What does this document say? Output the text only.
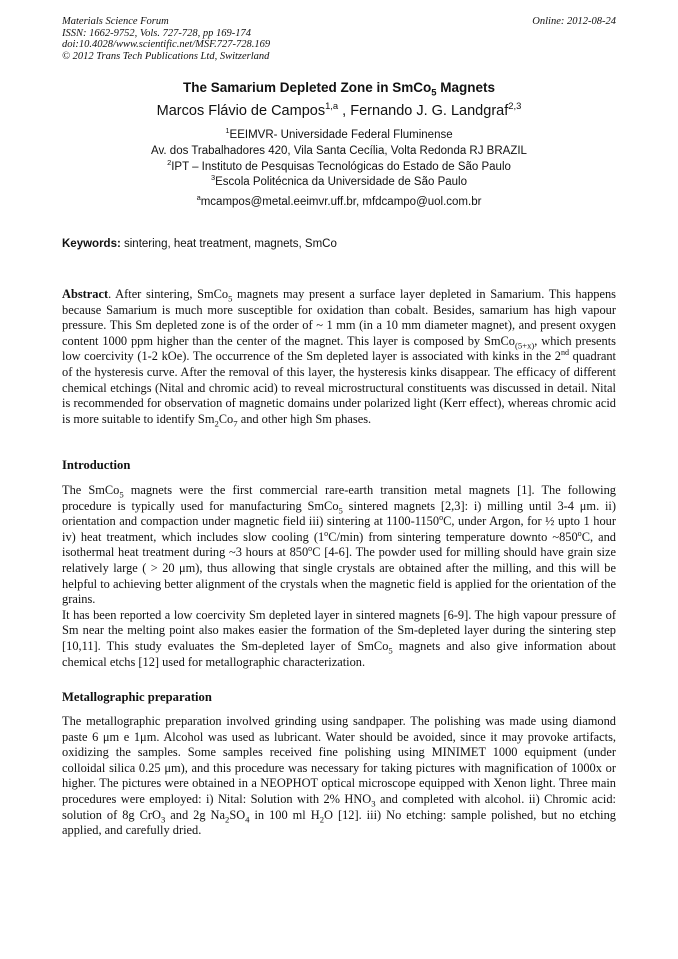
Materials Science Forum	Online: 2012-08-24
ISSN: 1662-9752, Vols. 727-728, pp 169-174
doi:10.4028/www.scientific.net/MSF.727-728.169
© 2012 Trans Tech Publications Ltd, Switzerland
The Samarium Depleted Zone in SmCo$_5$ Magnets
Marcos Flávio de Campos$^{1,a}$ , Fernando J. G. Landgraf$^{2,3}$
$^1$EEIMVR- Universidade Federal Fluminense
Av. dos Trabalhadores 420, Vila Santa Cecília, Volta Redonda RJ BRAZIL
$^2$IPT – Instituto de Pesquisas Tecnológicas do Estado de São Paulo
$^3$Escola Politécnica da Universidade de São Paulo
$^a$mcampos@metal.eeimvr.uff.br, mfdcampo@uol.com.br
Keywords: sintering, heat treatment, magnets, SmCo

Abstract. After sintering, SmCo$_5$ magnets may present a surface layer depleted in Samarium. This happens because Samarium is much more susceptible for oxidation than cobalt. Besides, samarium has high vapour pressure. This Sm depleted zone is of the order of ~ 1 mm (in a 10 mm diameter magnet), and present oxygen content 1000 ppm higher than the center of the magnet. This layer is composed by SmCo$_{(5+x)}$, which presents low coercivity (1-2 kOe). The occurrence of the Sm depleted layer is associated with kinks in the 2nd quadrant of the hysteresis curve. After the removal of this layer, the hysteresis kinks disappear. The efficacy of different chemical etchings (Nital and chromic acid) to reveal microstructural constituents was discussed in detail. Nital is recommended for observation of magnetic domains under polarized light (Kerr effect), whereas chromic acid is more suitable to identify $Sm_2Co_7$ and other high Sm phases.

Introduction

The SmCo$_5$ magnets were the first commercial rare-earth transition metal magnets [1]. The following procedure is typically used for manufacturing SmCo$_5$ sintered magnets [2,3]: i) milling until 3-4 μm. ii) orientation and compaction under magnetic field iii) sintering at 1100-1150$^o$C, under Argon, for ½ upto 1 hour iv) heat treatment, which includes slow cooling (1$^o$C/min) from sintering temperature downto ~850$^o$C, and isothermal heat treatment during ~3 hours at 850$^o$C [4-6]. The powder used for milling should have grain size relatively large ( > 20 μm), thus allowing that single crystals are obtained after the milling, and this will be helpful to achieving better alignment of the crystals when the magnetic field is applied for the orientation of the grains.

It has been reported a low coercivity Sm depleted layer in sintered magnets [6-9]. The high vapour pressure of Sm near the melting point also makes easier the formation of the Sm-depleted layer during the sintering step [10,11]. This study evaluates the Sm-depleted layer of SmCo$_5$ magnets and also give information about chemical etchs [12] used for metallographic characterization.

Metallographic preparation

The metallographic preparation involved grinding using sandpaper. The polishing was made using diamond paste 6 μm e 1μm. Alcohol was used as lubricant. Water should be avoided, since it may provoke artifacts, oxidizing the samples. Some samples received fine polishing using MINIMET 1000 equipment (under colloidal silica 0.25 μm), and this procedure was necessary for taking pictures with magnification of 1000x or higher. The pictures were obtained in a NEOPHOT optical microscope equipped with Xenon light. Three main procedures were employed: i) Nital: Solution with 2% $HNO_3$ and completed with alcohol. ii) Chromic acid: solution of 8g CrO$_3$ and 2g $Na_2SO_4$ in 100 ml $H_2O$ [12]. iii) No etching: sample polished, but no etching applied, and carefully dried.
